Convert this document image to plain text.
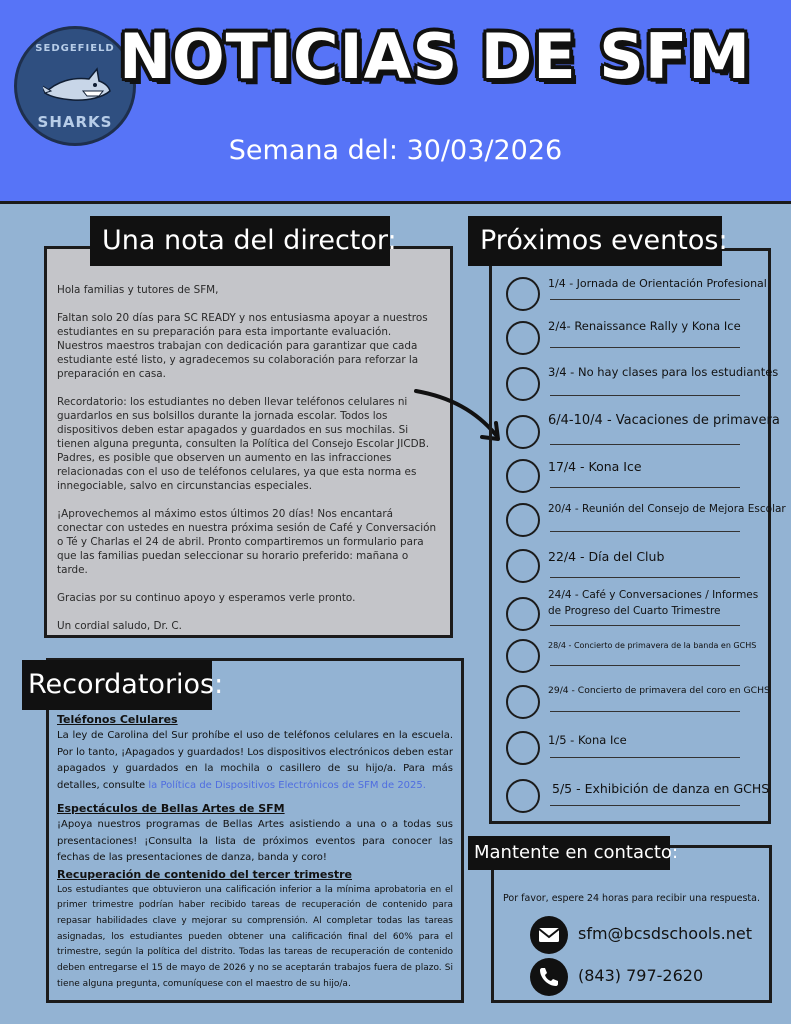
SEDGEFIELD
SHARKS
NOTICIAS DE SFM
Semana del: 30/03/2026

Hola familias y tutores de SFM,

Faltan solo 20 días para SC READY y nos entusiasma apoyar a nuestros estudiantes en su preparación para esta importante evaluación. Nuestros maestros trabajan con dedicación para garantizar que cada estudiante esté listo, y agradecemos su colaboración para reforzar la preparación en casa.

Recordatorio: los estudiantes no deben llevar teléfonos celulares ni guardarlos en sus bolsillos durante la jornada escolar. Todos los dispositivos deben estar apagados y guardados en sus mochilas. Si tienen alguna pregunta, consulten la Política del Consejo Escolar JICDB. Padres, es posible que observen un aumento en las infracciones relacionadas con el uso de teléfonos celulares, ya que esta norma es innegociable, salvo en circunstancias especiales.

¡Aprovechemos al máximo estos últimos 20 días! Nos encantará conectar con ustedes en nuestra próxima sesión de Café y Conversación o Té y Charlas el 24 de abril. Pronto compartiremos un formulario para que las familias puedan seleccionar su horario preferido: mañana o tarde.

Gracias por su continuo apoyo y esperamos verle pronto.

Un cordial saludo, Dr. C.

Una nota del director:
1/4 - Jornada de Orientación Profesional
2/4- Renaissance Rally y Kona Ice
3/4 - No hay clases para los estudiantes
6/4-10/4 - Vacaciones de primavera
17/4 - Kona Ice
20/4 - Reunión del Consejo de Mejora Escolar
22/4 - Día del Club
24/4 - Café y Conversaciones / Informes
de Progreso del Cuarto Trimestre
28/4 - Concierto de primavera de la banda en GCHS
29/4 - Concierto de primavera del coro en GCHS
1/5 - Kona Ice
5/5 - Exhibición de danza en GCHS
Próximos eventos:
Teléfonos Celulares

La ley de Carolina del Sur prohíbe el uso de teléfonos celulares en la escuela. Por lo tanto, ¡Apagados y guardados! Los dispositivos electrónicos deben estar apagados y guardados en la mochila o casillero de su hijo/a. Para más detalles, consulte la Política de Dispositivos Electrónicos de SFM de 2025.

Espectáculos de Bellas Artes de SFM

¡Apoya nuestros programas de Bellas Artes asistiendo a una o a todas sus presentaciones! ¡Consulta la lista de próximos eventos para conocer las fechas de las presentaciones de danza, banda y coro!

Recuperación de contenido del tercer trimestre

Los estudiantes que obtuvieron una calificación inferior a la mínima aprobatoria en el primer trimestre podrían haber recibido tareas de recuperación de contenido para repasar habilidades clave y mejorar su comprensión. Al completar todas las tareas asignadas, los estudiantes pueden obtener una calificación final del 60% para el trimestre, según la política del distrito. Todas las tareas de recuperación de contenido deben entregarse el 15 de mayo de 2026 y no se aceptarán trabajos fuera de plazo. Si tiene alguna pregunta, comuníquese con el maestro de su hijo/a.

Recordatorios:
Por favor, espere 24 horas para recibir una respuesta.
sfm@bcsdschools.net
(843) 797-2620
Mantente en contacto:
